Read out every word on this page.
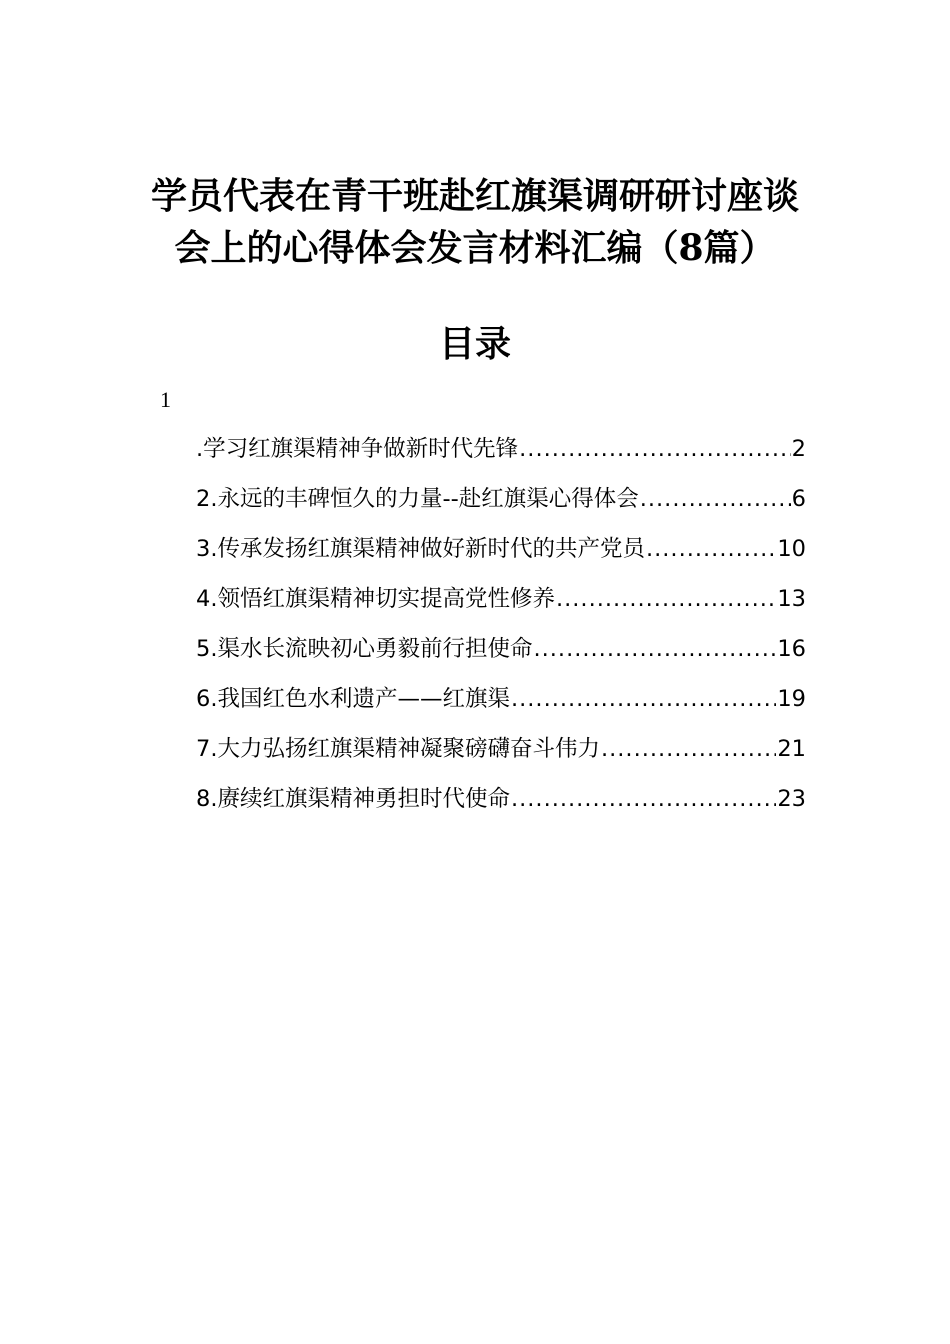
学员代表在青干班赴红旗渠调研研讨座谈
会上的心得体会发言材料汇编（8篇）
目录
1
.学习红旗渠精神争做新时代先锋 .....	2
2.永远的丰碑恒久的力量--赴红旗渠心得体会 .....	6
3.传承发扬红旗渠精神做好新时代的共产党员 .....	10
4.领悟红旗渠精神切实提高党性修养 .....	13
5.渠水长流映初心勇毅前行担使命 .....	16
6.我国红色水利遗产——红旗渠 .....	19
7.大力弘扬红旗渠精神凝聚磅礴奋斗伟力 .....	21
8.赓续红旗渠精神勇担时代使命 .....	23
